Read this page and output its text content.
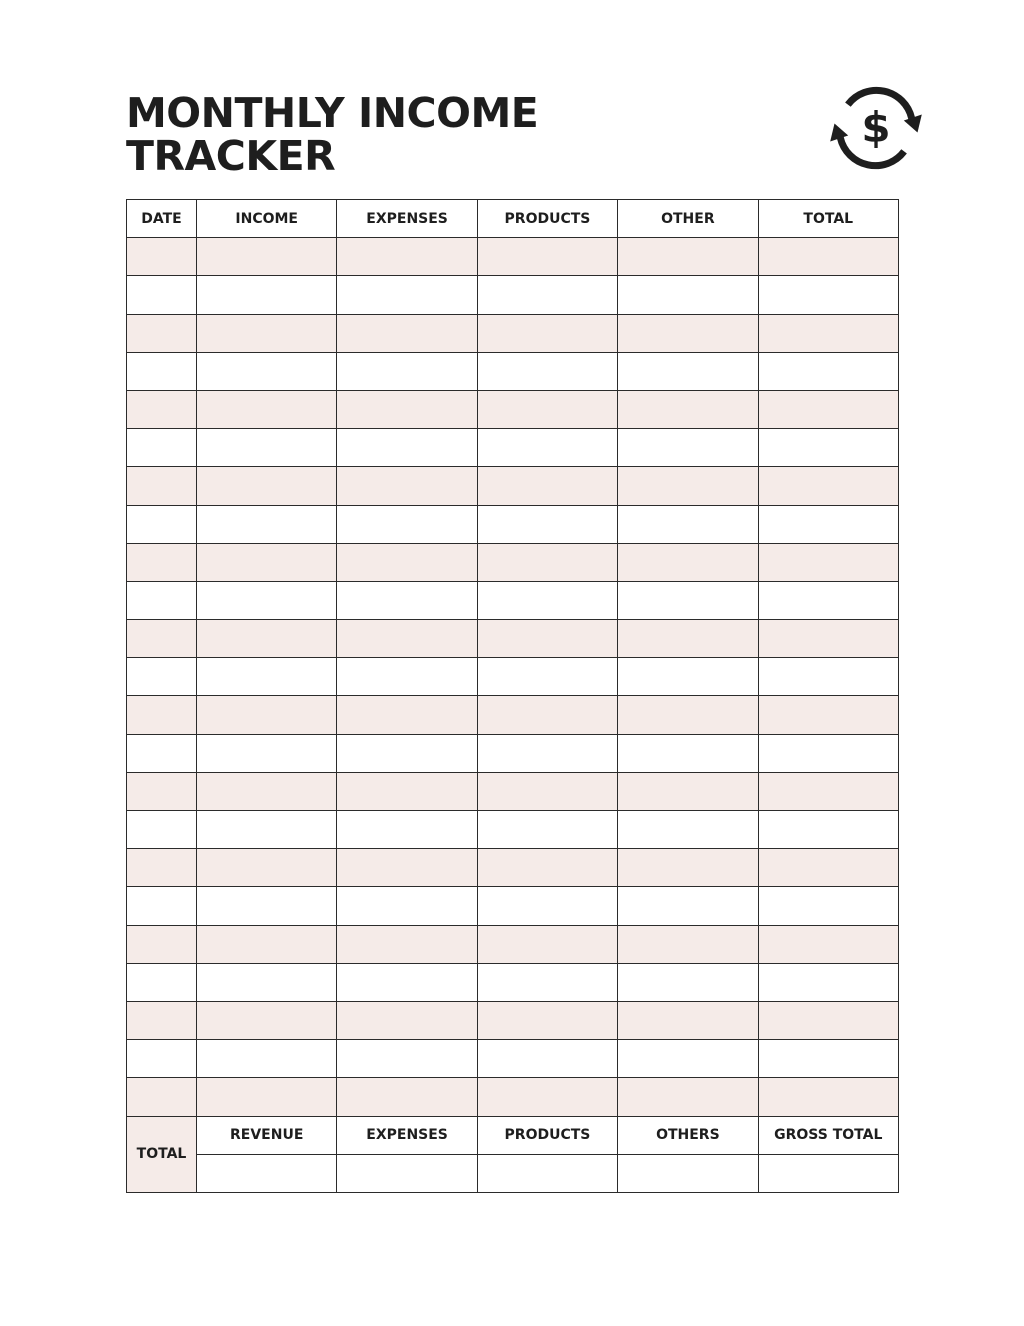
MONTHLY INCOME
TRACKER
$
DATE	INCOME	EXPENSES	PRODUCTS	OTHER	TOTAL

TOTAL	REVENUE	EXPENSES	PRODUCTS	OTHERS	GROSS TOTAL
